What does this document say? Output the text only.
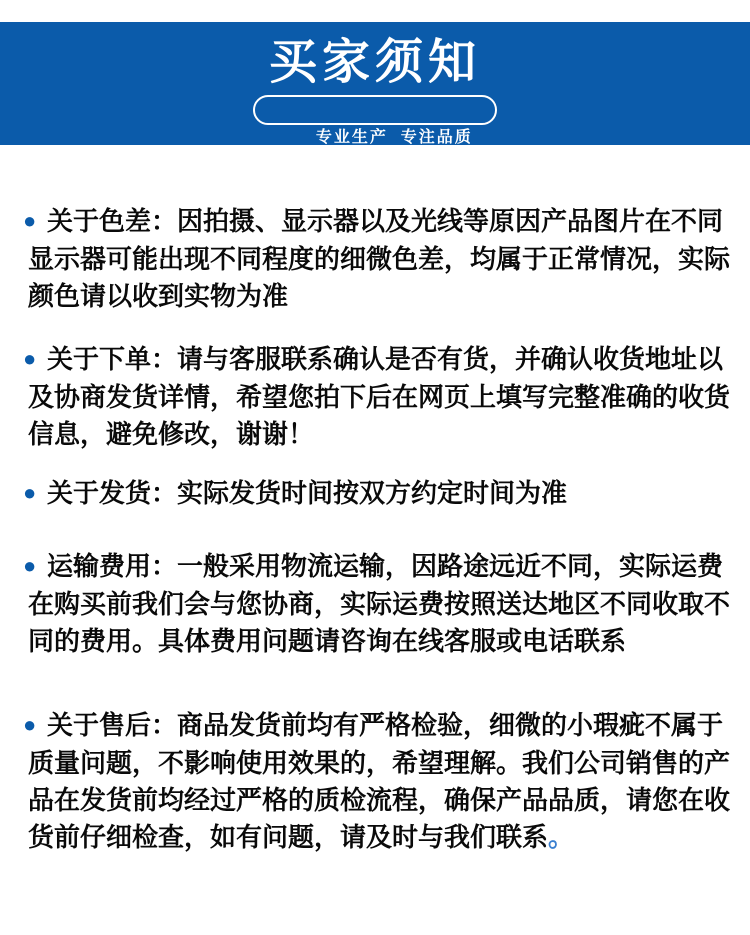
买家须知

专业生产  专注品质

● 关于色差：因拍摄、显示器以及光线等原因产品图片在不同
显示器可能出现不同程度的细微色差，均属于正常情况，实际
颜色请以收到实物为准
● 关于下单：请与客服联系确认是否有货，并确认收货地址以
及协商发货详情，希望您拍下后在网页上填写完整准确的收货
信息，避免修改，谢谢！
● 关于发货：实际发货时间按双方约定时间为准
● 运输费用：一般采用物流运输，因路途远近不同，实际运费
在购买前我们会与您协商，实际运费按照送达地区不同收取不
同的费用。具体费用问题请咨询在线客服或电话联系
● 关于售后：商品发货前均有严格检验，细微的小瑕疵不属于
质量问题，不影响使用效果的，希望理解。我们公司销售的产
品在发货前均经过严格的质检流程，确保产品品质，请您在收
货前仔细检查，如有问题，请及时与我们联系。
